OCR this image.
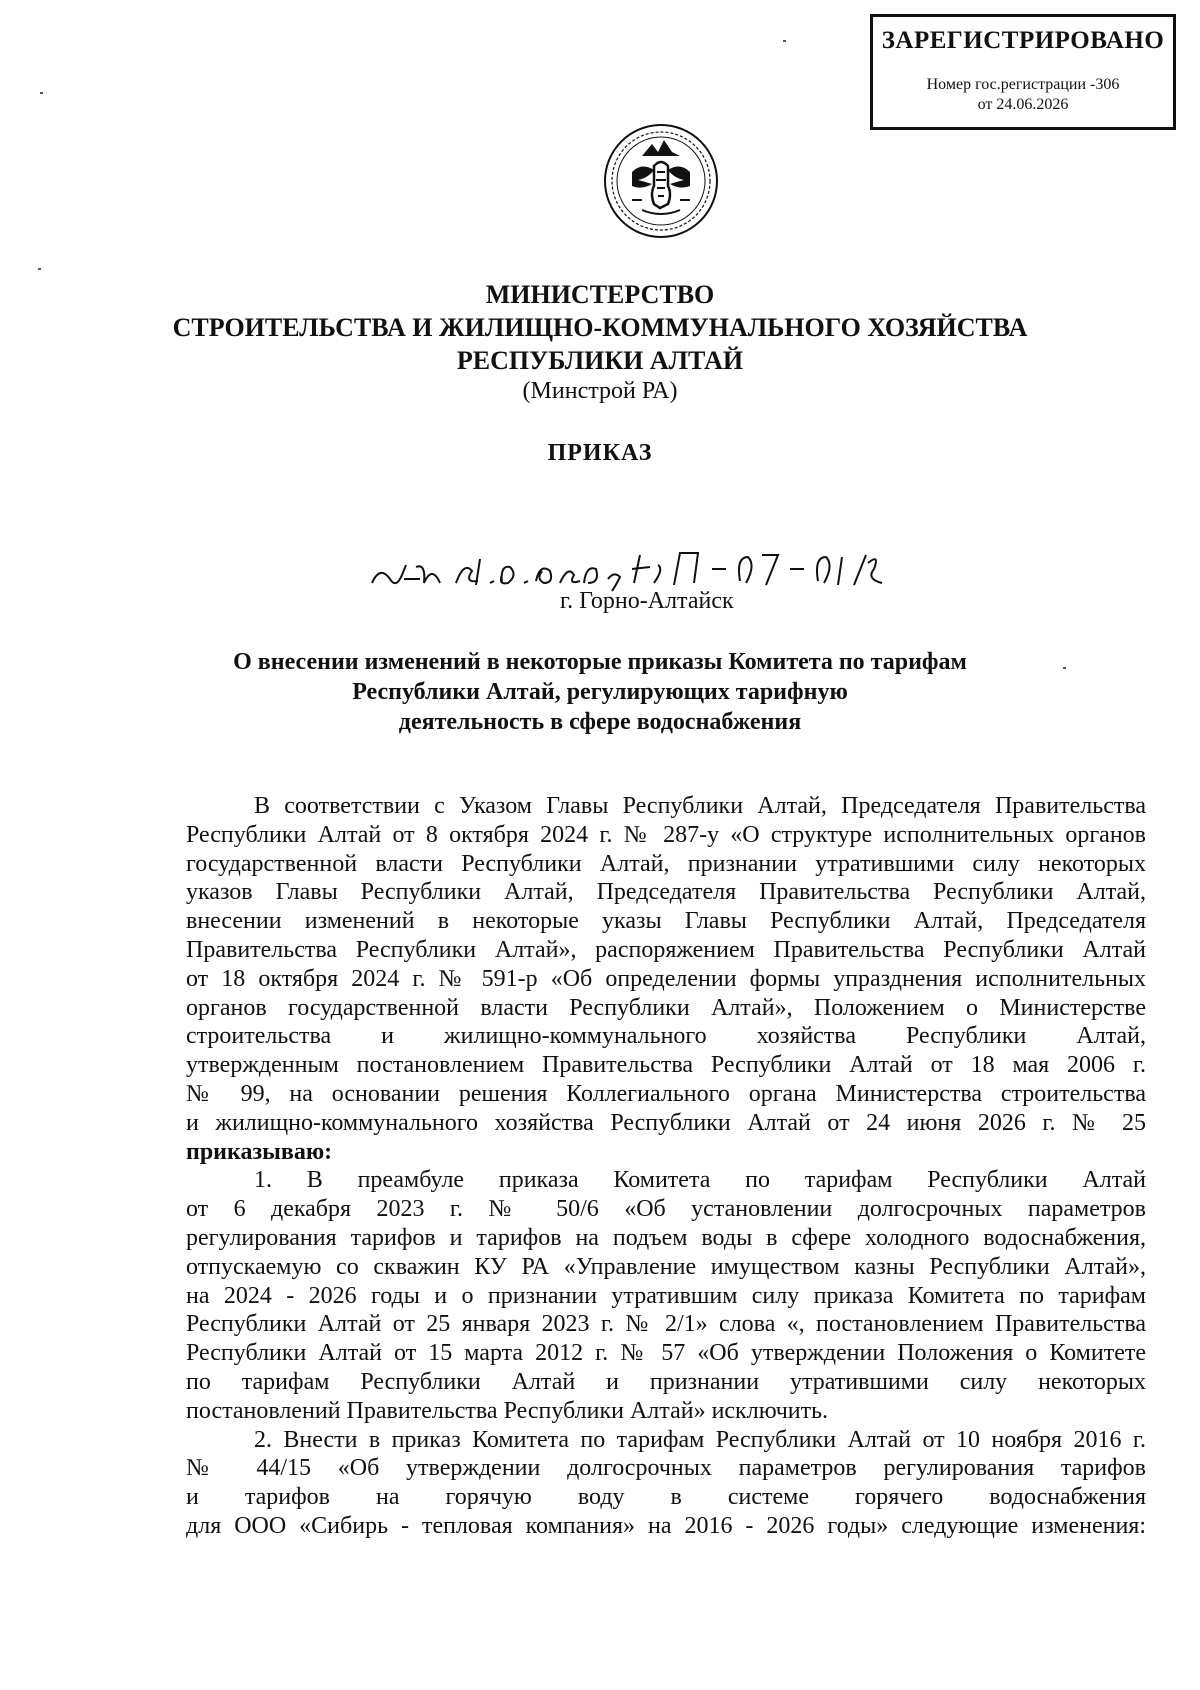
ЗАРЕГИСТРИРОВАНО
Номер гос.регистрации -306
от 24.06.2026
МИНИСТЕРСТВО
СТРОИТЕЛЬСТВА И ЖИЛИЩНО-КОММУНАЛЬНОГО ХОЗЯЙСТВА
РЕСПУБЛИКИ АЛТАЙ
(Минстрой РА)
ПРИКАЗ
г. Горно-Алтайск
О внесении изменений в некоторые приказы Комитета по тарифам
Республики Алтай, регулирующих тарифную
деятельность в сфере водоснабжения
В соответствии с Указом Главы Республики Алтай, Председателя Правительства
Республики Алтай от 8 октября 2024 г. № 287-у «О структуре исполнительных органов
государственной власти Республики Алтай, признании утратившими силу некоторых
указов Главы Республики Алтай, Председателя Правительства Республики Алтай,
внесении изменений в некоторые указы Главы Республики Алтай, Председателя
Правительства Республики Алтай», распоряжением Правительства Республики Алтай
от 18 октября 2024 г. № 591-р «Об определении формы упразднения исполнительных
органов государственной власти Республики Алтай», Положением о Министерстве
строительства и жилищно-коммунального хозяйства Республики Алтай,
утвержденным постановлением Правительства Республики Алтай от 18 мая 2006 г.
№ 99, на основании решения Коллегиального органа Министерства строительства
и жилищно-коммунального хозяйства Республики Алтай от 24 июня 2026 г. № 25
приказываю:
1. В преамбуле приказа Комитета по тарифам Республики Алтай
от 6 декабря 2023 г. № 50/6 «Об установлении долгосрочных параметров
регулирования тарифов и тарифов на подъем воды в сфере холодного водоснабжения,
отпускаемую со скважин КУ РА «Управление имуществом казны Республики Алтай»,
на 2024 - 2026 годы и о признании утратившим силу приказа Комитета по тарифам
Республики Алтай от 25 января 2023 г. № 2/1» слова «, постановлением Правительства
Республики Алтай от 15 марта 2012 г. № 57 «Об утверждении Положения о Комитете
по тарифам Республики Алтай и признании утратившими силу некоторых
постановлений Правительства Республики Алтай» исключить.
2. Внести в приказ Комитета по тарифам Республики Алтай от 10 ноября 2016 г.
№ 44/15 «Об утверждении долгосрочных параметров регулирования тарифов
и тарифов на горячую воду в системе горячего водоснабжения
для ООО «Сибирь - тепловая компания» на 2016 - 2026 годы» следующие изменения:
